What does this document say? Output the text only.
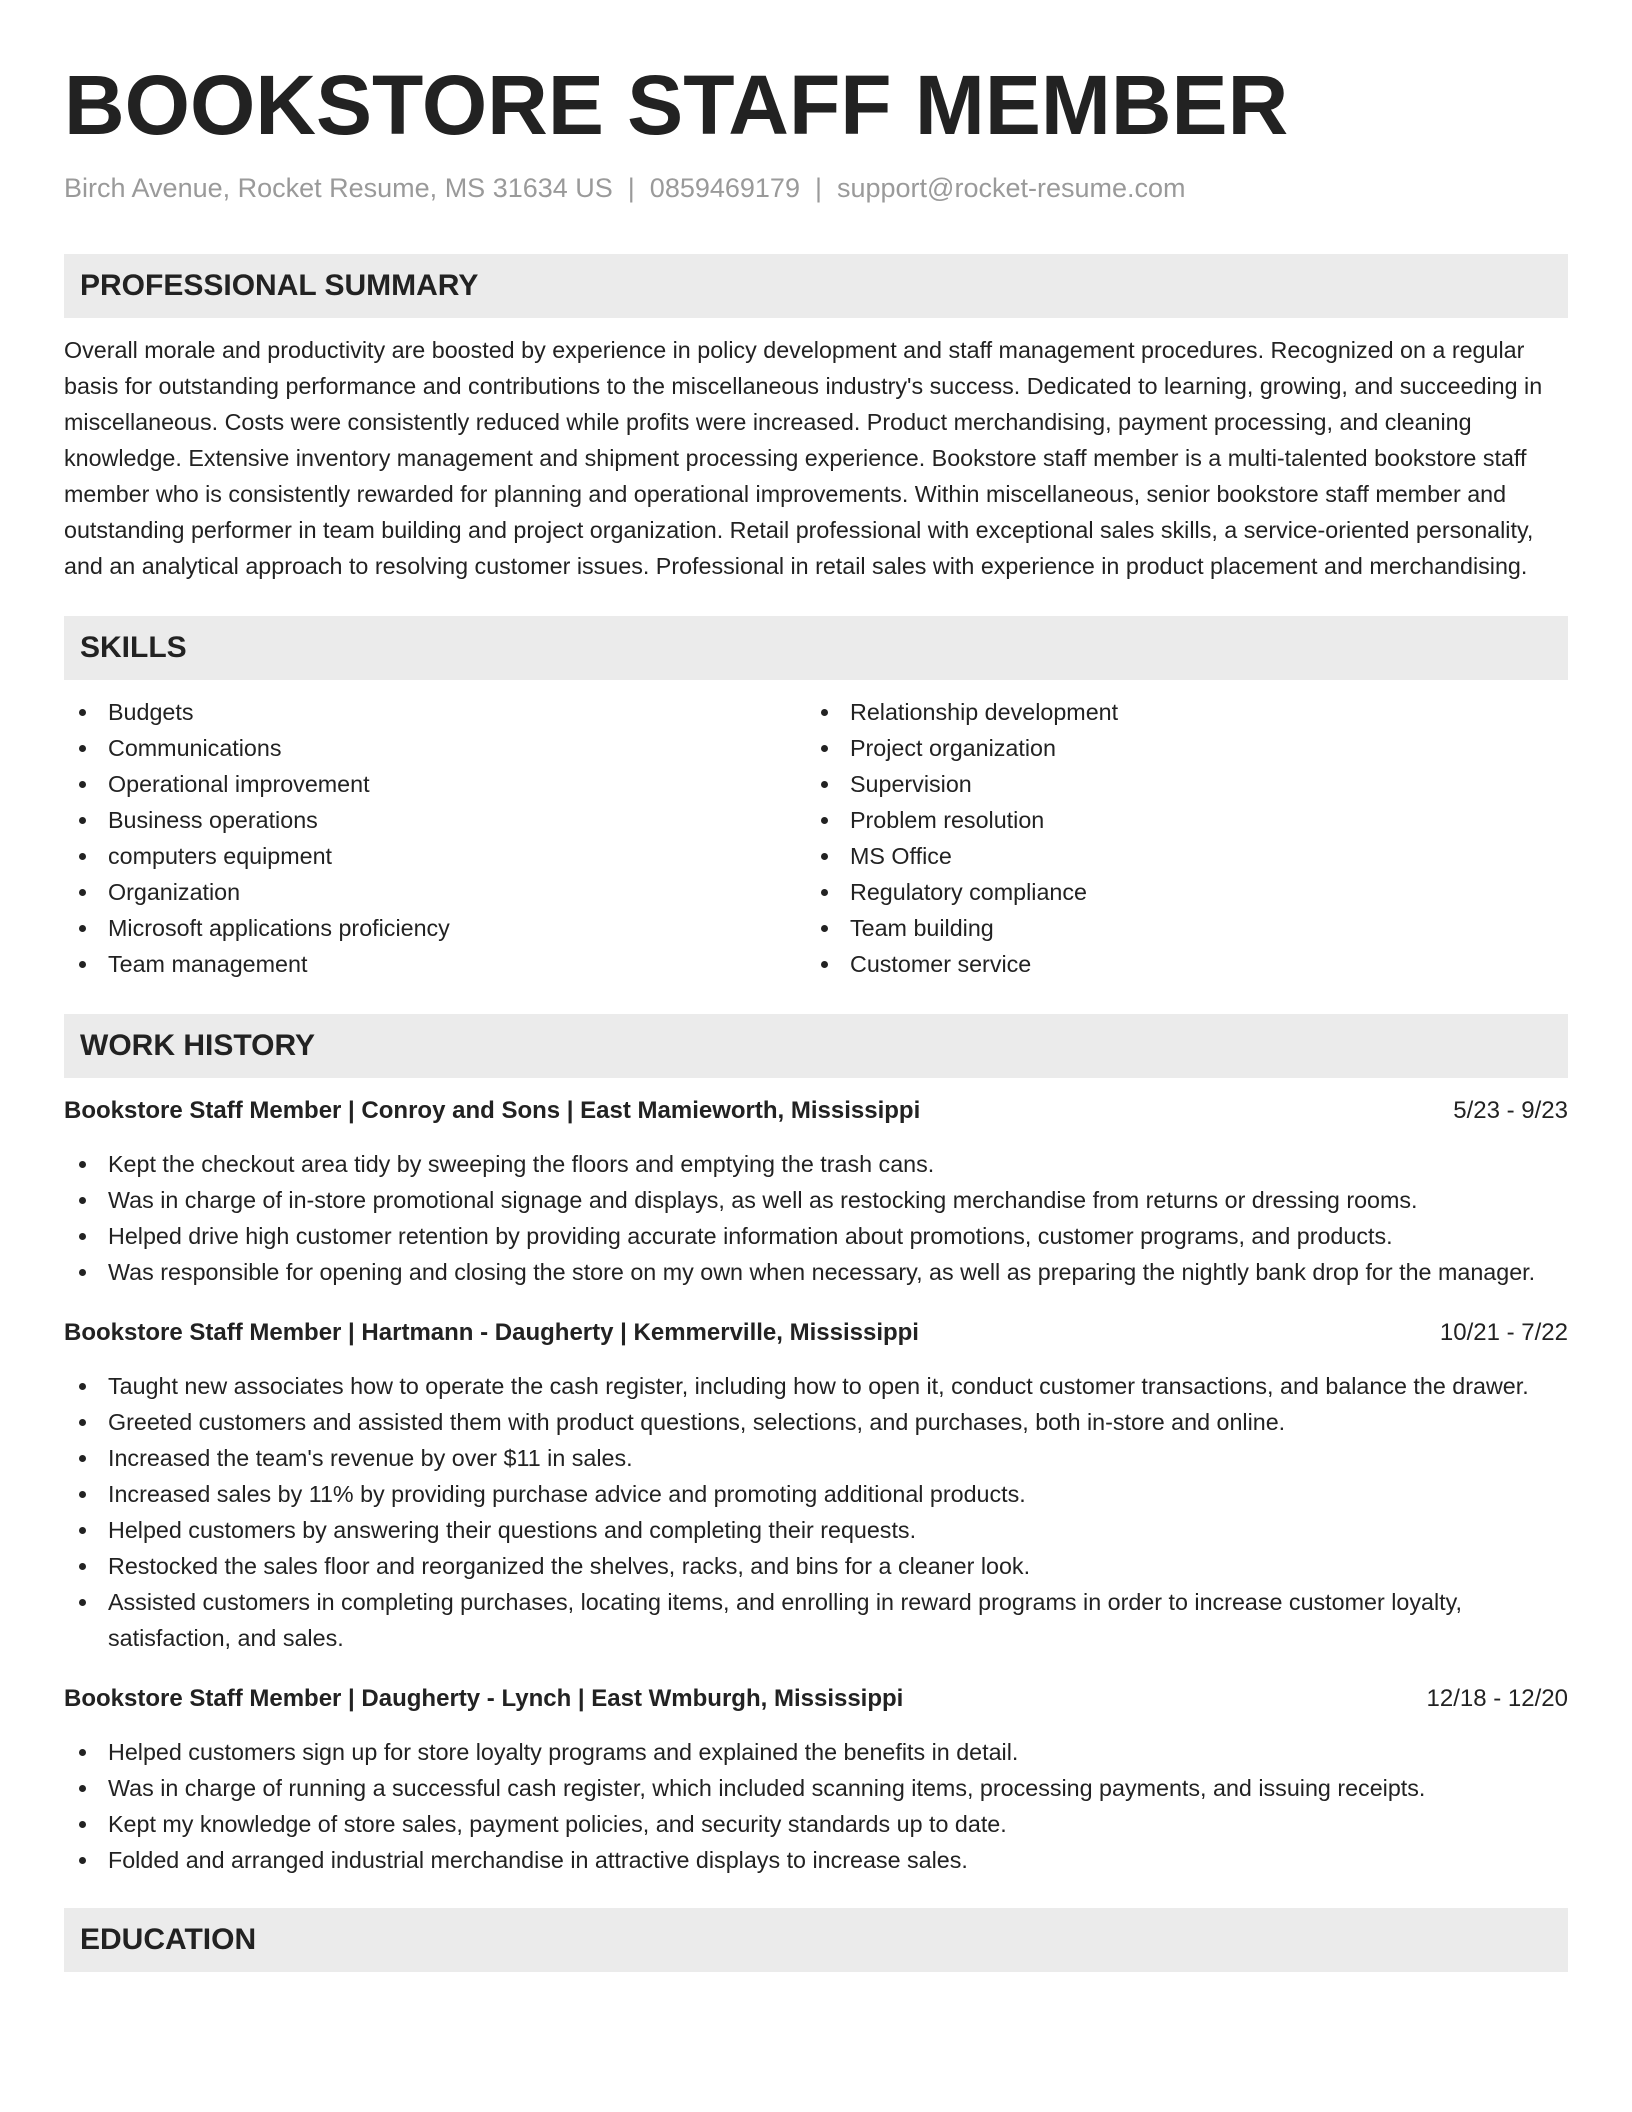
BOOKSTORE STAFF MEMBER
Birch Avenue, Rocket Resume, MS 31634 US | 0859469179 | support@rocket-resume.com
PROFESSIONAL SUMMARY
Overall morale and productivity are boosted by experience in policy development and staff management procedures. Recognized on a regular basis for outstanding performance and contributions to the miscellaneous industry's success. Dedicated to learning, growing, and succeeding in miscellaneous. Costs were consistently reduced while profits were increased. Product merchandising, payment processing, and cleaning knowledge. Extensive inventory management and shipment processing experience. Bookstore staff member is a multi-talented bookstore staff member who is consistently rewarded for planning and operational improvements. Within miscellaneous, senior bookstore staff member and outstanding performer in team building and project organization. Retail professional with exceptional sales skills, a service-oriented personality, and an analytical approach to resolving customer issues. Professional in retail sales with experience in product placement and merchandising.
SKILLS
Budgets
Communications
Operational improvement
Business operations
computers equipment
Organization
Microsoft applications proficiency
Team management
Relationship development
Project organization
Supervision
Problem resolution
MS Office
Regulatory compliance
Team building
Customer service
WORK HISTORY
Bookstore Staff Member | Conroy and Sons | East Mamieworth, Mississippi	5/23 - 9/23
Kept the checkout area tidy by sweeping the floors and emptying the trash cans.
Was in charge of in-store promotional signage and displays, as well as restocking merchandise from returns or dressing rooms.
Helped drive high customer retention by providing accurate information about promotions, customer programs, and products.
Was responsible for opening and closing the store on my own when necessary, as well as preparing the nightly bank drop for the manager.
Bookstore Staff Member | Hartmann - Daugherty | Kemmerville, Mississippi	10/21 - 7/22
Taught new associates how to operate the cash register, including how to open it, conduct customer transactions, and balance the drawer.
Greeted customers and assisted them with product questions, selections, and purchases, both in-store and online.
Increased the team's revenue by over $11 in sales.
Increased sales by 11% by providing purchase advice and promoting additional products.
Helped customers by answering their questions and completing their requests.
Restocked the sales floor and reorganized the shelves, racks, and bins for a cleaner look.
Assisted customers in completing purchases, locating items, and enrolling in reward programs in order to increase customer loyalty, satisfaction, and sales.
Bookstore Staff Member | Daugherty - Lynch | East Wmburgh, Mississippi	12/18 - 12/20
Helped customers sign up for store loyalty programs and explained the benefits in detail.
Was in charge of running a successful cash register, which included scanning items, processing payments, and issuing receipts.
Kept my knowledge of store sales, payment policies, and security standards up to date.
Folded and arranged industrial merchandise in attractive displays to increase sales.
EDUCATION
